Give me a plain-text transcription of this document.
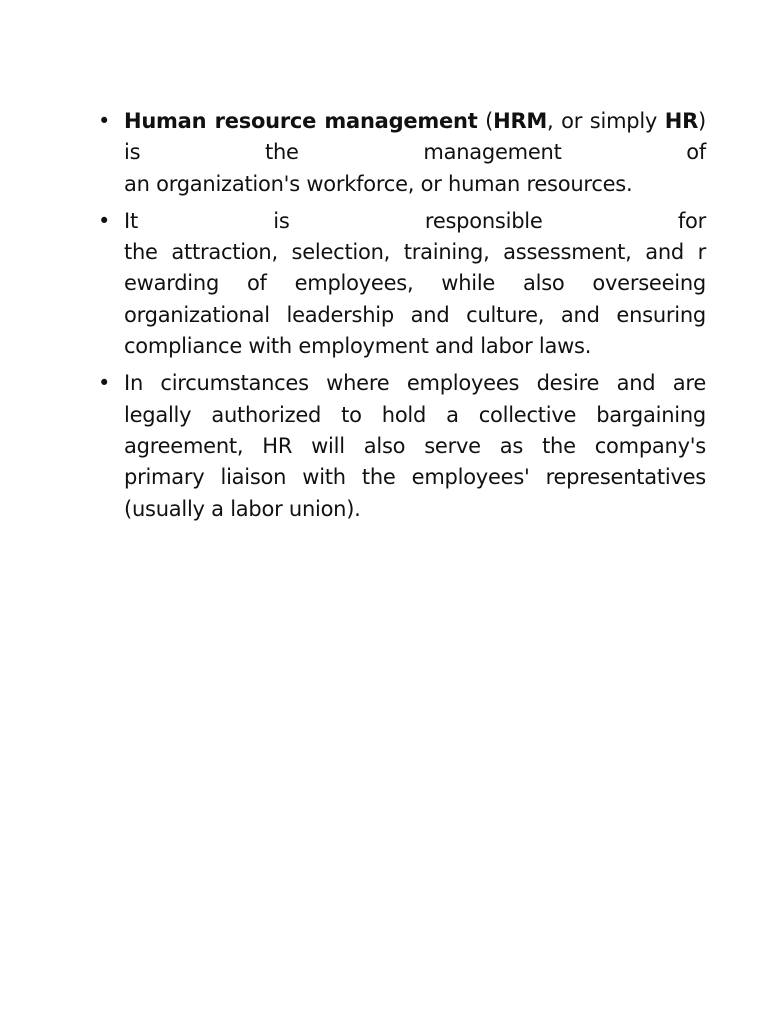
• Human resource management (HRM, or simply HR)
is the management of
an organization's workforce, or human resources.
• It is responsible for
the attraction, selection, training, assessment, and r
ewarding of employees, while also overseeing
organizational leadership and culture, and ensuring
compliance with employment and labor laws.
• In circumstances where employees desire and are
legally authorized to hold a collective bargaining
agreement, HR will also serve as the company's
primary liaison with the employees' representatives
(usually a labor union).
